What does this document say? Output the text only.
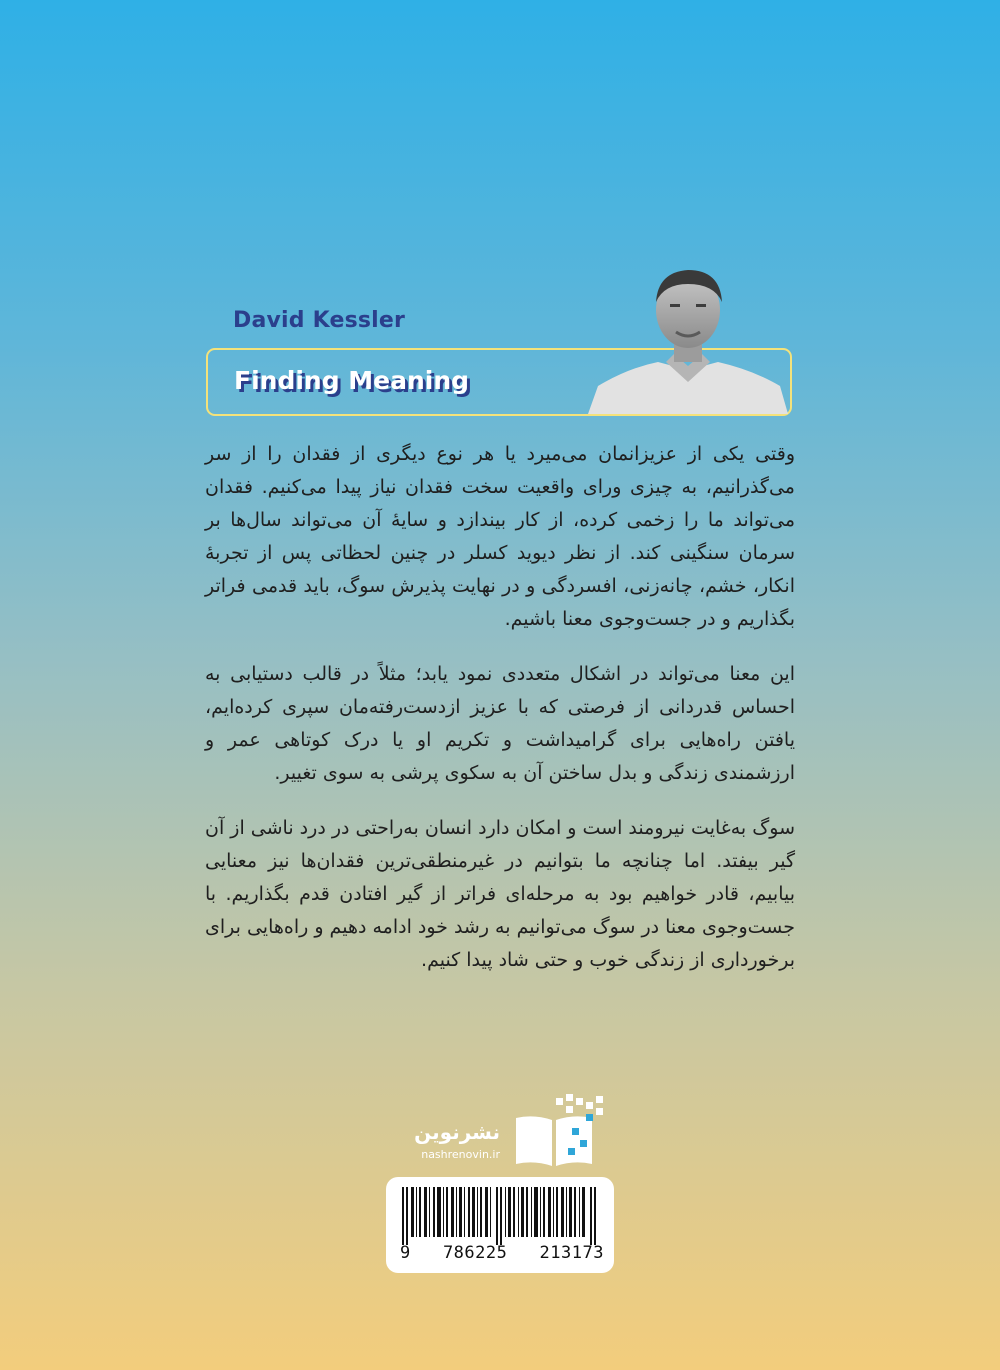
David Kessler
Finding Meaning

وقتی یکی از عزیزانمان می‌میرد یا هر نوع دیگری از فقدان را از سر می‌گذرانیم، به چیزی ورای واقعیت سخت فقدان نیاز پیدا می‌کنیم. فقدان می‌تواند ما را زخمی کرده، از کار بیندازد و سایهٔ آن می‌تواند سال‌ها بر سرمان سنگینی کند. از نظر دیوید کسلر در چنین لحظاتی پس از تجربهٔ انکار، خشم، چانه‌زنی، افسردگی و در نهایت پذیرش سوگ، باید قدمی فراتر بگذاریم و در جست‌وجوی معنا باشیم.

این معنا می‌تواند در اشکال متعددی نمود یابد؛ مثلاً در قالب دستیابی به احساس قدردانی از فرصتی که با عزیز ازدست‌رفته‌مان سپری کرده‌ایم، یافتن راه‌هایی برای گرامیداشت و تکریم او یا درک کوتاهی عمر و ارزشمندی زندگی و بدل ساختن آن به سکوی پرشی به سوی تغییر.

سوگ به‌غایت نیرومند است و امکان دارد انسان به‌راحتی در درد ناشی از آن گیر بیفتد. اما چنانچه ما بتوانیم در غیرمنطقی‌ترین فقدان‌ها نیز معنایی بیابیم، قادر خواهیم بود به مرحله‌ای فراتر از گیر افتادن قدم بگذاریم. با جست‌وجوی معنا در سوگ می‌توانیم به رشد خود ادامه دهیم و راه‌هایی برای برخورداری از زندگی خوب و حتی شاد پیدا کنیم.

نشرنوین
nashrenovin.ir
9   786225   213173
